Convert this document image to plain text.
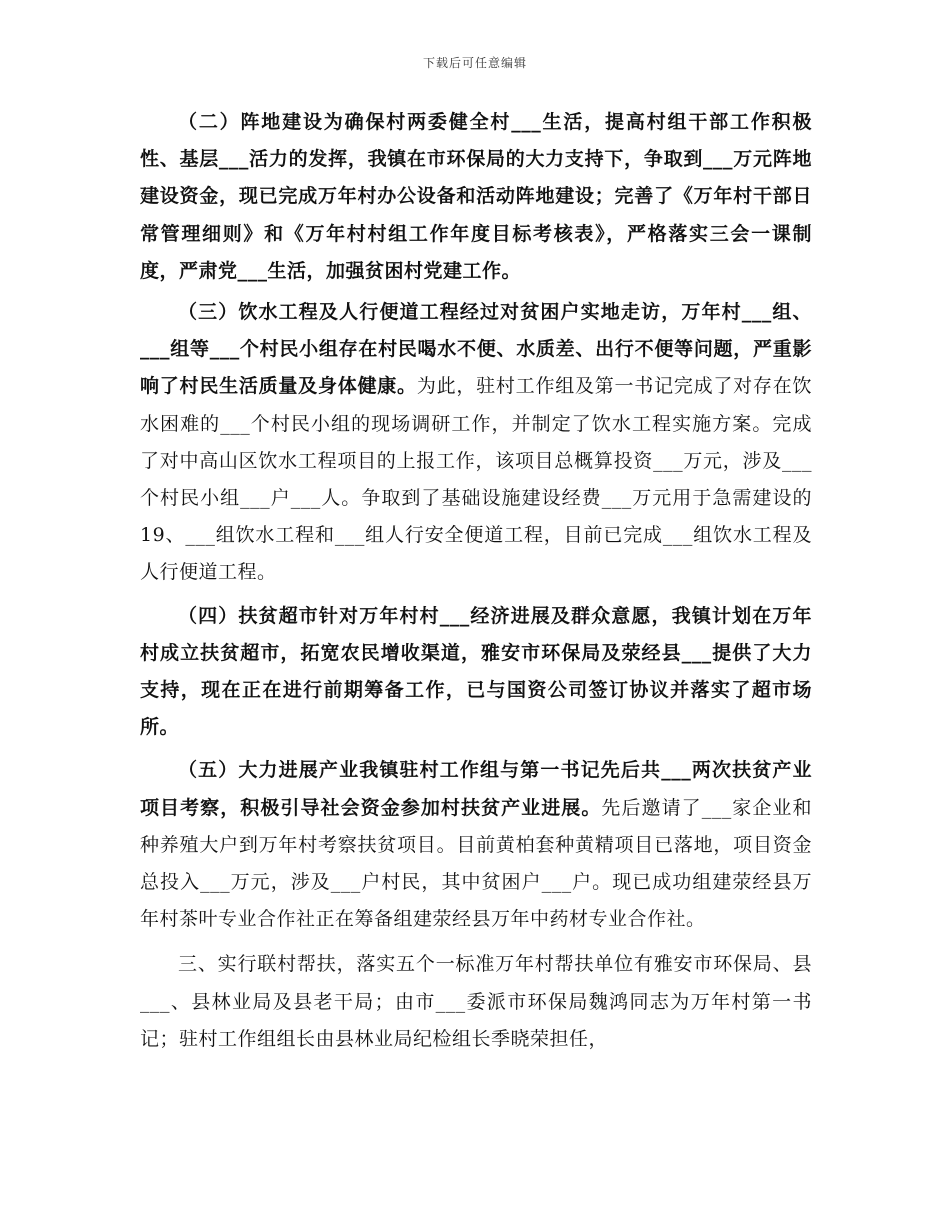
下载后可任意编辑

（二）阵地建设为确保村两委健全村___生活，提高村组干部工作积极性、基层___活力的发挥，我镇在市环保局的大力支持下，争取到___万元阵地建设资金，现已完成万年村办公设备和活动阵地建设；完善了《万年村干部日常管理细则》和《万年村村组工作年度目标考核表》，严格落实三会一课制度，严肃党___生活，加强贫困村党建工作。

（三）饮水工程及人行便道工程经过对贫困户实地走访，万年村___组、___组等___个村民小组存在村民喝水不便、水质差、出行不便等问题，严重影响了村民生活质量及身体健康。为此，驻村工作组及第一书记完成了对存在饮水困难的___个村民小组的现场调研工作，并制定了饮水工程实施方案。完成了对中高山区饮水工程项目的上报工作，该项目总概算投资___万元，涉及___个村民小组___户___人。争取到了基础设施建设经费___万元用于急需建设的19、___组饮水工程和___组人行安全便道工程，目前已完成___组饮水工程及人行便道工程。

（四）扶贫超市针对万年村村___经济进展及群众意愿，我镇计划在万年村成立扶贫超市，拓宽农民增收渠道，雅安市环保局及荥经县___提供了大力支持，现在正在进行前期筹备工作，已与国资公司签订协议并落实了超市场所。

（五）大力进展产业我镇驻村工作组与第一书记先后共___两次扶贫产业项目考察，积极引导社会资金参加村扶贫产业进展。先后邀请了___家企业和种养殖大户到万年村考察扶贫项目。目前黄柏套种黄精项目已落地，项目资金总投入___万元，涉及___户村民，其中贫困户___户。现已成功组建荥经县万年村茶叶专业合作社正在筹备组建荥经县万年中药材专业合作社。

三、实行联村帮扶，落实五个一标准万年村帮扶单位有雅安市环保局、县___、县林业局及县老干局；由市___委派市环保局魏鸿同志为万年村第一书记；驻村工作组组长由县林业局纪检组长季晓荣担任，
